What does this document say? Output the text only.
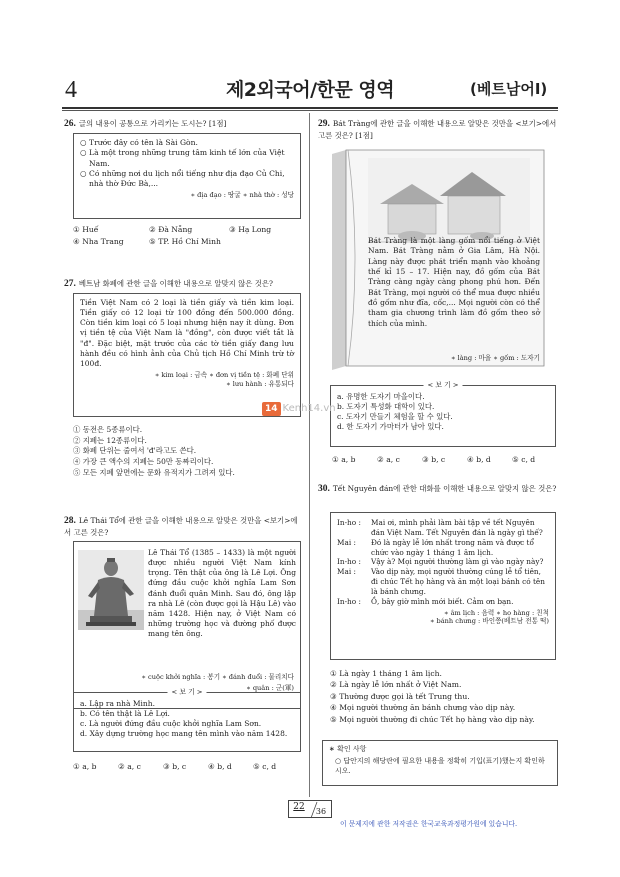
4	제2외국어/한문 영역	(베트남어Ⅰ)
26. 글의 내용이 공통으로 가리키는 도시는? [1점]
○ Trước đây có tên là Sài Gòn.
○ Là một trong những trung tâm kinh tế lớn của Việt Nam.
○ Có những nơi du lịch nổi tiếng như địa đạo Củ Chi, nhà thờ Đức Bà,...
∗ địa đạo : 땅굴 ∗ nhà thờ : 성당
① Huế	② Đà Nẵng	③ Hạ Long
④ Nha Trang	⑤ TP. Hồ Chí Minh
27. 베트남 화폐에 관한 글을 이해한 내용으로 알맞지 않은 것은?
Tiền Việt Nam có 2 loại là tiền giấy và tiền kim loại. Tiền giấy có 12 loại từ 100 đồng đến 500.000 đồng. Còn tiền kim loại có 5 loại nhưng hiện nay ít dùng. Đơn vị tiền tệ của Việt Nam là "đồng", còn được viết tắt là "đ". Đặc biệt, mặt trước của các tờ tiền giấy đang lưu hành đều có hình ảnh của Chủ tịch Hồ Chí Minh trừ tờ 100đ.
∗ kim loại : 금속 ∗ đơn vị tiền tệ : 화폐 단위
∗ lưu hành : 유통되다
① 동전은 5종류이다.
② 지폐는 12종류이다.
③ 화폐 단위는 줄여서 'đ'라고도 쓴다.
④ 가장 큰 액수의 지폐는 50만 동짜리이다.
⑤ 모든 지폐 앞면에는 문화 유적지가 그려져 있다.
28. Lê Thái Tổ에 관한 글을 이해한 내용으로 알맞은 것만을 <보기>에서 고른 것은?
Lê Thái Tổ (1385 – 1433) là một người được nhiều người Việt Nam kính trọng. Tên thật của ông là Lê Lợi. Ông đứng đầu cuộc khởi nghĩa Lam Sơn đánh đuổi quân Minh. Sau đó, ông lập ra nhà Lê (còn được gọi là Hậu Lê) vào năm 1428. Hiện nay, ở Việt Nam có những trường học và đường phố được mang tên ông.
∗ cuộc khởi nghĩa : 봉기 ∗ đánh đuổi : 물리치다
∗ quân : 군(軍)
< 보 기 >
a. Lập ra nhà Minh.
b. Có tên thật là Lê Lợi.
c. Là người đứng đầu cuộc khởi nghĩa Lam Sơn.
d. Xây dựng trường học mang tên mình vào năm 1428.
① a, b	② a, c	③ b, c	④ b, d	⑤ c, d
29. Bát Tràng에 관한 글을 이해한 내용으로 알맞은 것만을 <보기>에서 고른 것은? [1점]
Bát Tràng là một làng gốm nổi tiếng ở Việt Nam. Bát Tràng nằm ở Gia Lâm, Hà Nội. Làng này được phát triển mạnh vào khoảng thế kỉ 15 – 17. Hiện nay, đồ gốm của Bát Tràng càng ngày càng phong phú hơn. Đến Bát Tràng, mọi người có thể mua được nhiều đồ gốm như đĩa, cốc,... Mọi người còn có thể tham gia chương trình làm đồ gốm theo sở thích của mình.
∗ làng : 마을 ∗ gốm : 도자기
< 보 기 >
a. 유명한 도자기 마을이다.
b. 도자기 특성화 대학이 있다.
c. 도자기 만들기 체험을 할 수 있다.
d. 한 도자기 가마터가 남아 있다.
① a, b	② a, c	③ b, c	④ b, d	⑤ c, d
30. Tết Nguyên đán에 관한 대화를 이해한 내용으로 알맞지 않은 것은?
In-ho :	Mai ơi, mình phải làm bài tập về tết Nguyên đán Việt Nam. Tết Nguyên đán là ngày gì thế?
Mai :	Đó là ngày lễ lớn nhất trong năm và được tổ chức vào ngày 1 tháng 1 âm lịch.
In-ho :	Vậy à? Mọi người thường làm gì vào ngày này?
Mai :	Vào dịp này, mọi người thường cúng lễ tổ tiên, đi chúc Tết họ hàng và ăn một loại bánh có tên là bánh chưng.
In-ho :	Ồ, bây giờ mình mới biết. Cảm ơn bạn.
∗ âm lịch : 음력 ∗ họ hàng : 친척
∗ bánh chưng : 바인쯩(베트남 전통 떡)
① Là ngày 1 tháng 1 âm lịch.
② Là ngày lễ lớn nhất ở Việt Nam.
③ Thường được gọi là tết Trung thu.
④ Mọi người thường ăn bánh chưng vào dịp này.
⑤ Mọi người thường đi chúc Tết họ hàng vào dịp này.
∗ 확인 사항
○ 답안지의 해당란에 필요한 내용을 정확히 기입(표기)했는지 확인하시오.
14 Kenh14.vn
22	36
이 문제지에 관한 저작권은 한국교육과정평가원에 있습니다.
